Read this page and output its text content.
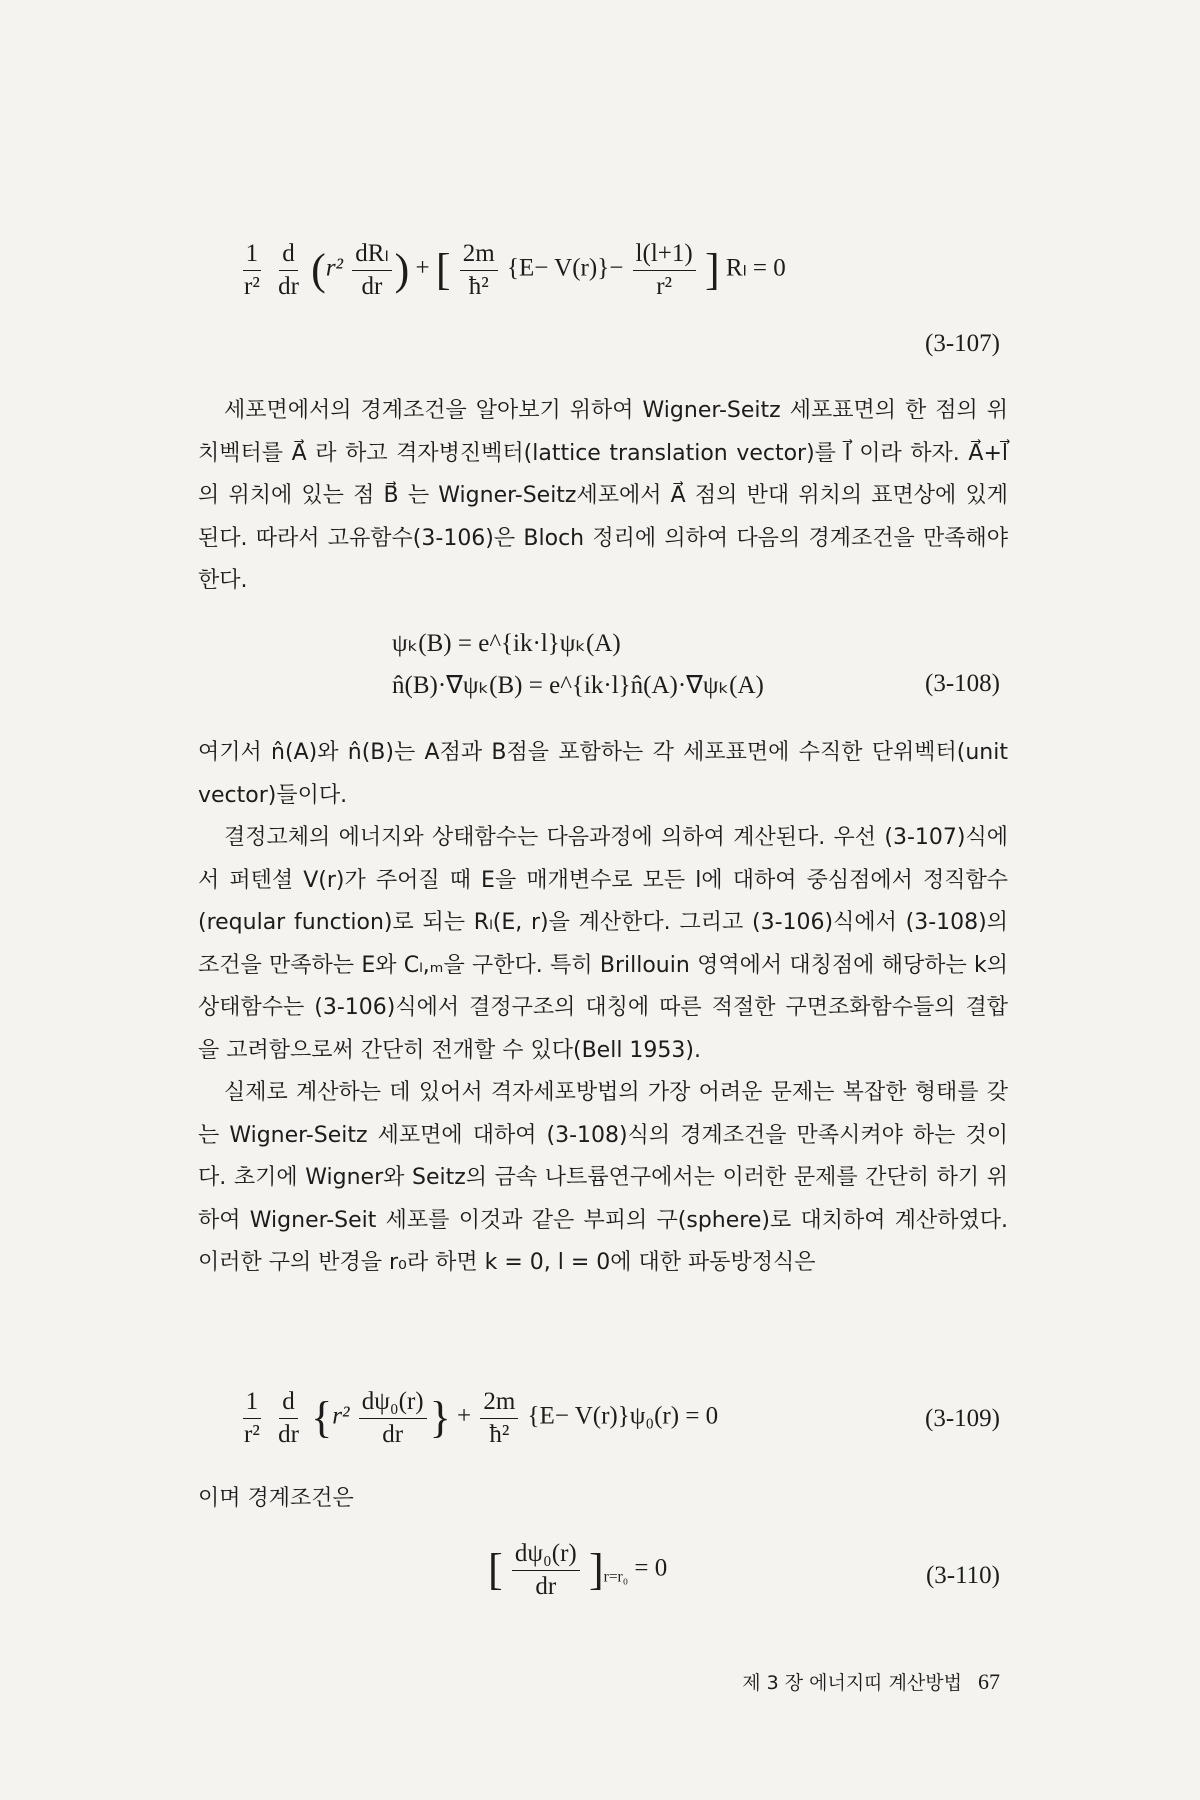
$\frac{1}{\text{r²}}$
$\frac{d}{dr} (r^2 \frac{\text{dRₗ}}{dr}$ ) + [ $\frac{2m}{\text{ħ²}} \{E- V(r)\}- \frac{l(l+1)}{\text{r²}}$ ] Rₗ = 0
(3-107)

세포면에서의 경계조건을 알아보기 위하여 Wigner-Seitz 세포표면의 한 점의 위치벡터를 A⃗ 라 하고 격자병진벡터(lattice translation vector)를 l⃗ 이라 하자. A⃗+l⃗ 의 위치에 있는 점 B⃗ 는 Wigner-Seitz세포에서 A⃗ 점의 반대 위치의 표면상에 있게 된다. 따라서 고유함수(3-106)은 Bloch 정리에 의하여 다음의 경계조건을 만족해야 한다.

ψₖ(B) = e^{ik·l}ψₖ(A)
n̂(B)·∇ψₖ(B) = e^{ik·l}n̂(A)·∇ψₖ(A)	(3-108)

여기서 n̂(A)와 n̂(B)는 A점과 B점을 포함하는 각 세포표면에 수직한 단위벡터(unit vector)들이다.

결정고체의 에너지와 상태함수는 다음과정에 의하여 계산된다. 우선 (3-107)식에서 퍼텐셜 V(r)가 주어질 때 E을 매개변수로 모든 l에 대하여 중심점에서 정직함수(reqular function)로 되는 Rₗ(E, r)을 계산한다. 그리고 (3-106)식에서 (3-108)의 조건을 만족하는 E와 Cₗ,ₘ을 구한다. 특히 Brillouin 영역에서 대칭점에 해당하는 k의 상태함수는 (3-106)식에서 결정구조의 대칭에 따른 적절한 구면조화함수들의 결합을 고려함으로써 간단히 전개할 수 있다(Bell 1953).

실제로 계산하는 데 있어서 격자세포방법의 가장 어려운 문제는 복잡한 형태를 갖는 Wigner-Seitz 세포면에 대하여 (3-108)식의 경계조건을 만족시켜야 하는 것이다. 초기에 Wigner와 Seitz의 금속 나트륨연구에서는 이러한 문제를 간단히 하기 위하여 Wigner-Seit 세포를 이것과 같은 부피의 구(sphere)로 대치하여 계산하였다. 이러한 구의 반경을 r₀라 하면 k = 0, l = 0에 대한 파동방정식은

$\frac{1}{\text{r²}}$
$\frac{d}{dr} \{r^2 \frac{\text{dψ₀(r)}}{dr}$ } + $\frac{2m}{\text{ħ²}} \{E- V(r)\}\psi_0(r) = 0$	(3-109)

이며 경계조건은

[ $\frac{\text{dψ₀(r)}}{dr} ]_{r=r_0} = 0$	(3-110)
제 3 장 에너지띠 계산방법 67
